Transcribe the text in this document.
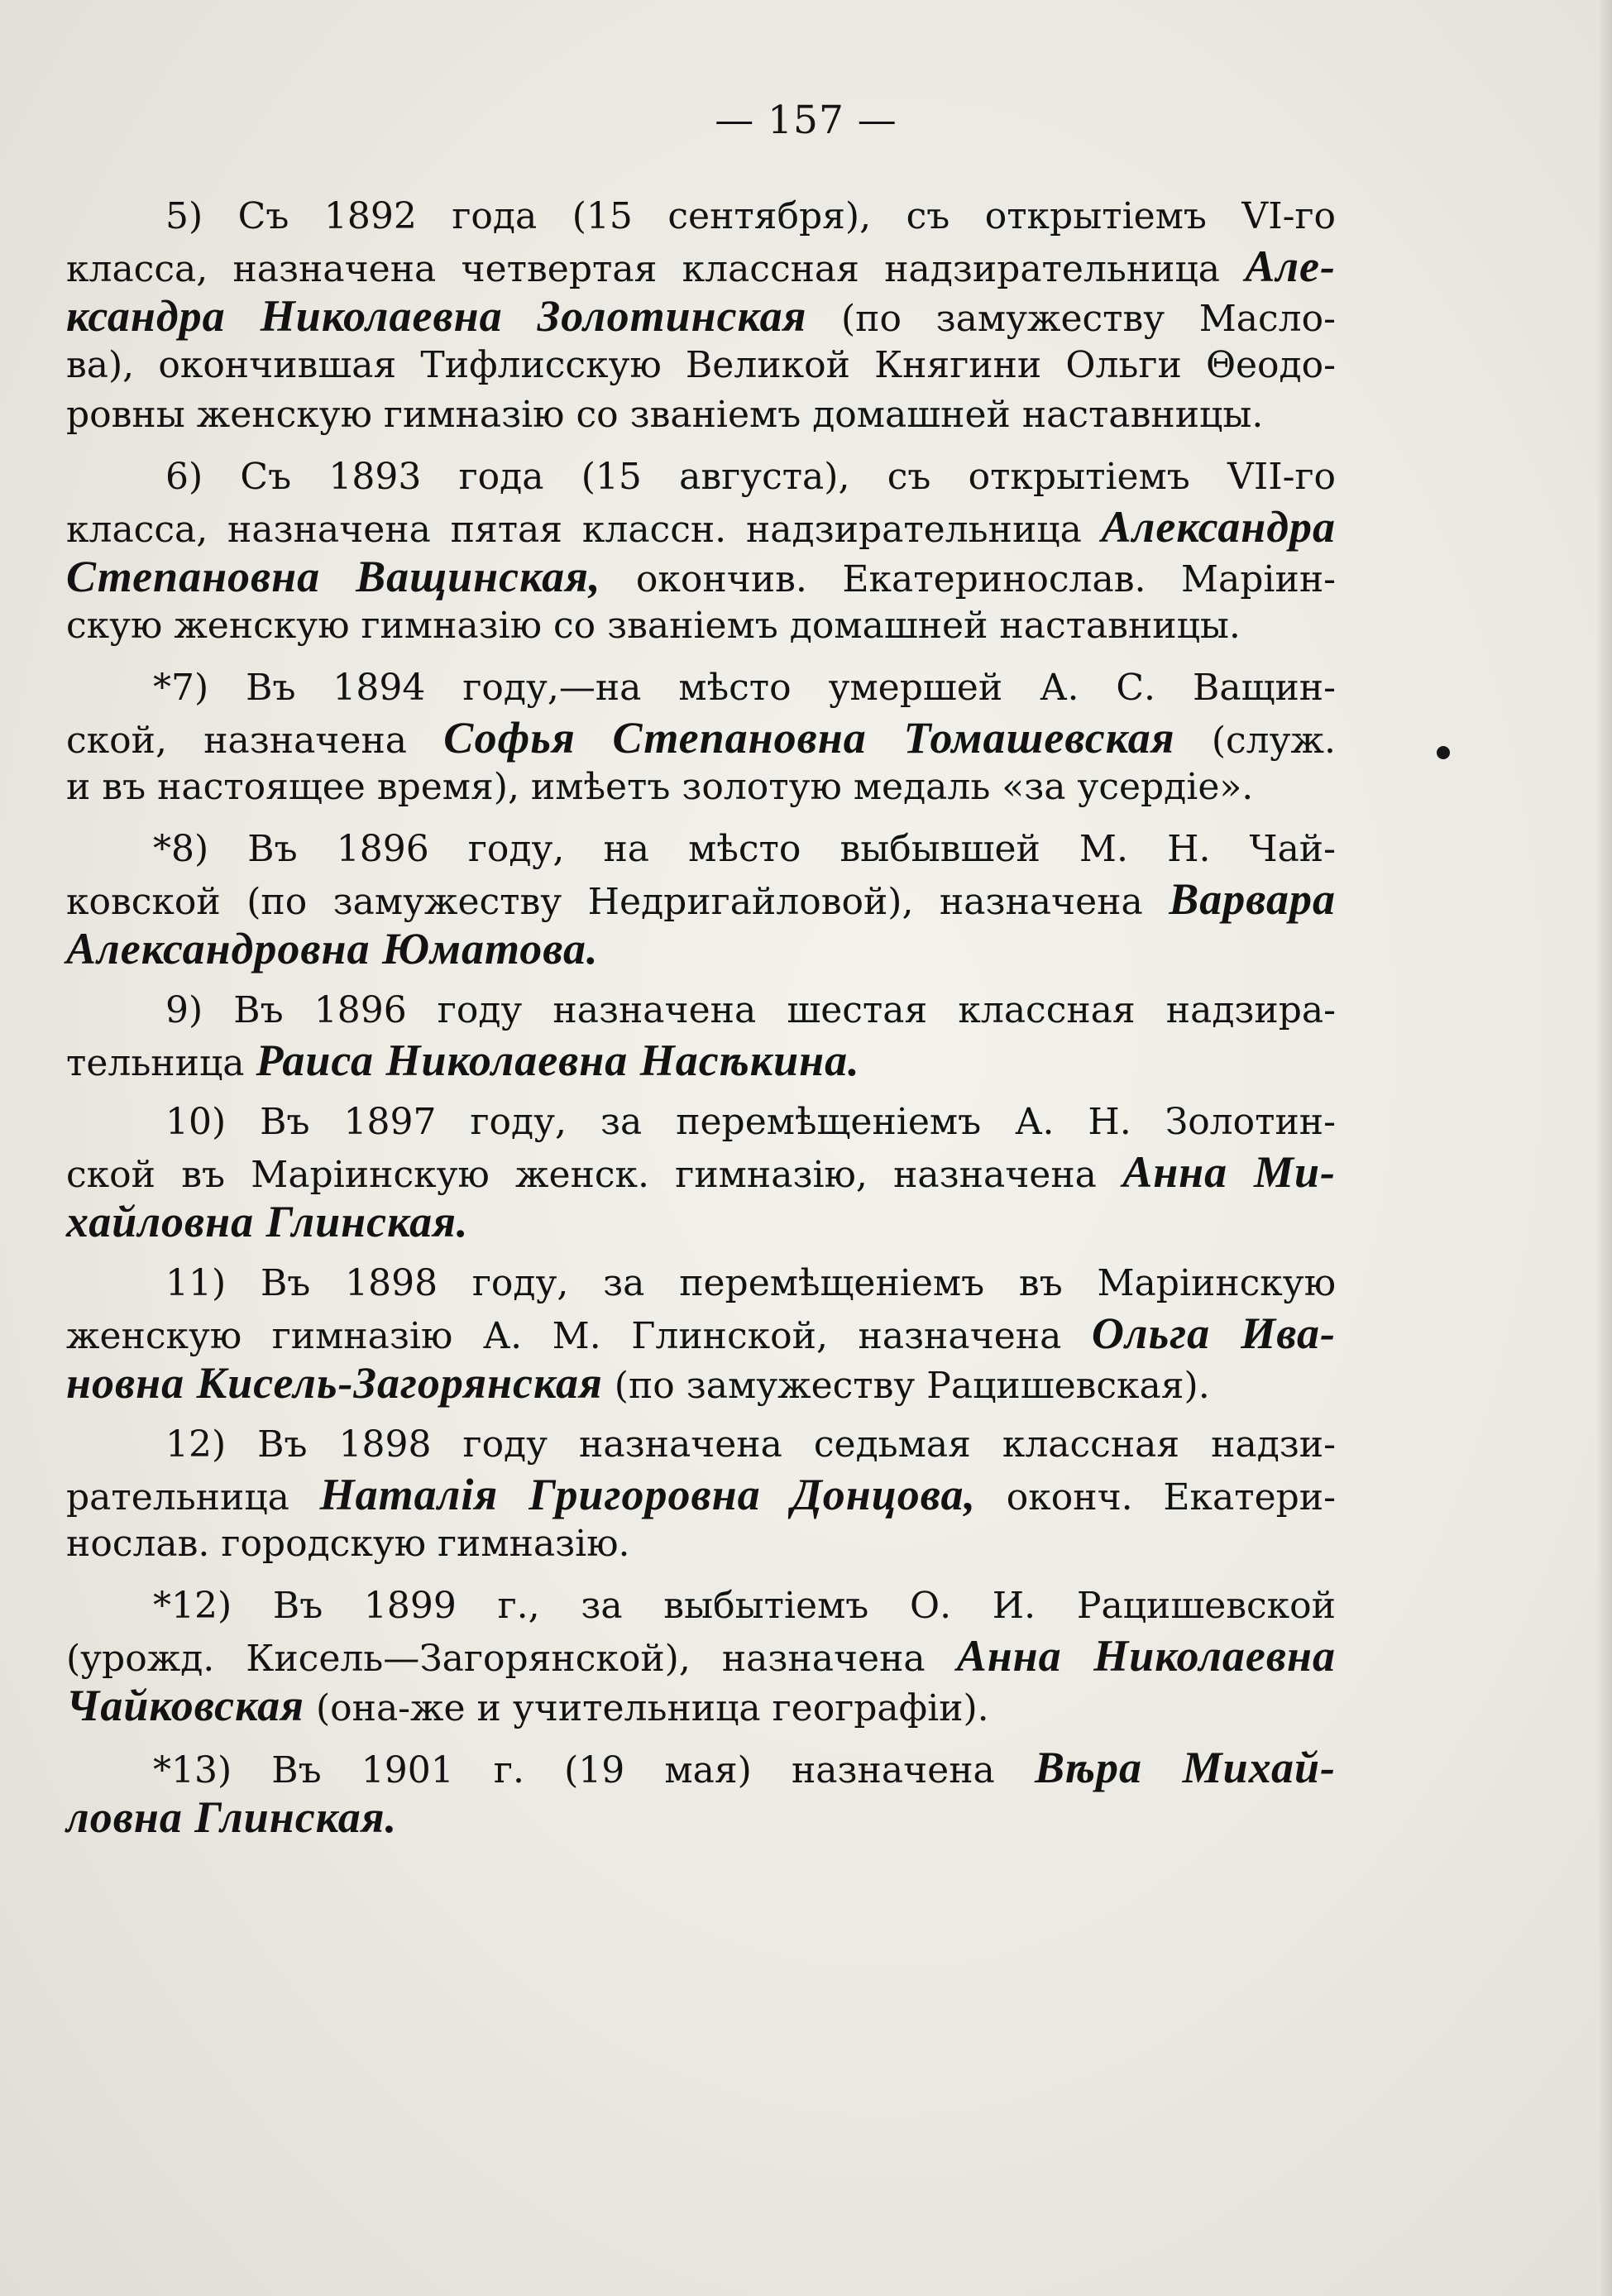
— 157 —
5) Съ 1892 года (15 сентября), съ открытіемъ VI-го
класса, назначена четвертая классная надзирательница Але-
ксандра Николаевна Золотинская (по замужеству Масло-
ва), окончившая Тифлисскую Великой Княгини Ольги Θеодо-
ровны женскую гимназію со званіемъ домашней наставницы.
6) Съ 1893 года (15 августа), съ открытіемъ VII-го
класса, назначена пятая классн. надзирательница Александра
Степановна Ващинская, окончив. Екатеринослав. Маріин-
скую женскую гимназію со званіемъ домашней наставницы.
*7) Въ 1894 году,—на мѣсто умершей А. С. Ващин-
ской, назначена Софья Степановна Томашевская (служ.
и въ настоящее время), имѣетъ золотую медаль «за усердіе».
*8) Въ 1896 году, на мѣсто выбывшей М. Н. Чай-
ковской (по замужеству Недригайловой), назначена Варвара
Александровна Юматова.
9) Въ 1896 году назначена шестая классная надзира-
тельница Раиса Николаевна Насѣкина.
10) Въ 1897 году, за перемѣщеніемъ А. Н. Золотин-
ской въ Маріинскую женск. гимназію, назначена Анна Ми-
хайловна Глинская.
11) Въ 1898 году, за перемѣщеніемъ въ Маріинскую
женскую гимназію А. М. Глинской, назначена Ольга Ива-
новна Кисель-Загорянская (по замужеству Рацишевская).
12) Въ 1898 году назначена седьмая классная надзи-
рательница Наталія Григоровна Донцова, оконч. Екатери-
нослав. городскую гимназію.
*12) Въ 1899 г., за выбытіемъ О. И. Рацишевской
(урожд. Кисель—Загорянской), назначена Анна Николаевна
Чайковская (она-же и учительница географіи).
*13) Въ 1901 г. (19 мая) назначена Вѣра Михай-
ловна Глинская.
